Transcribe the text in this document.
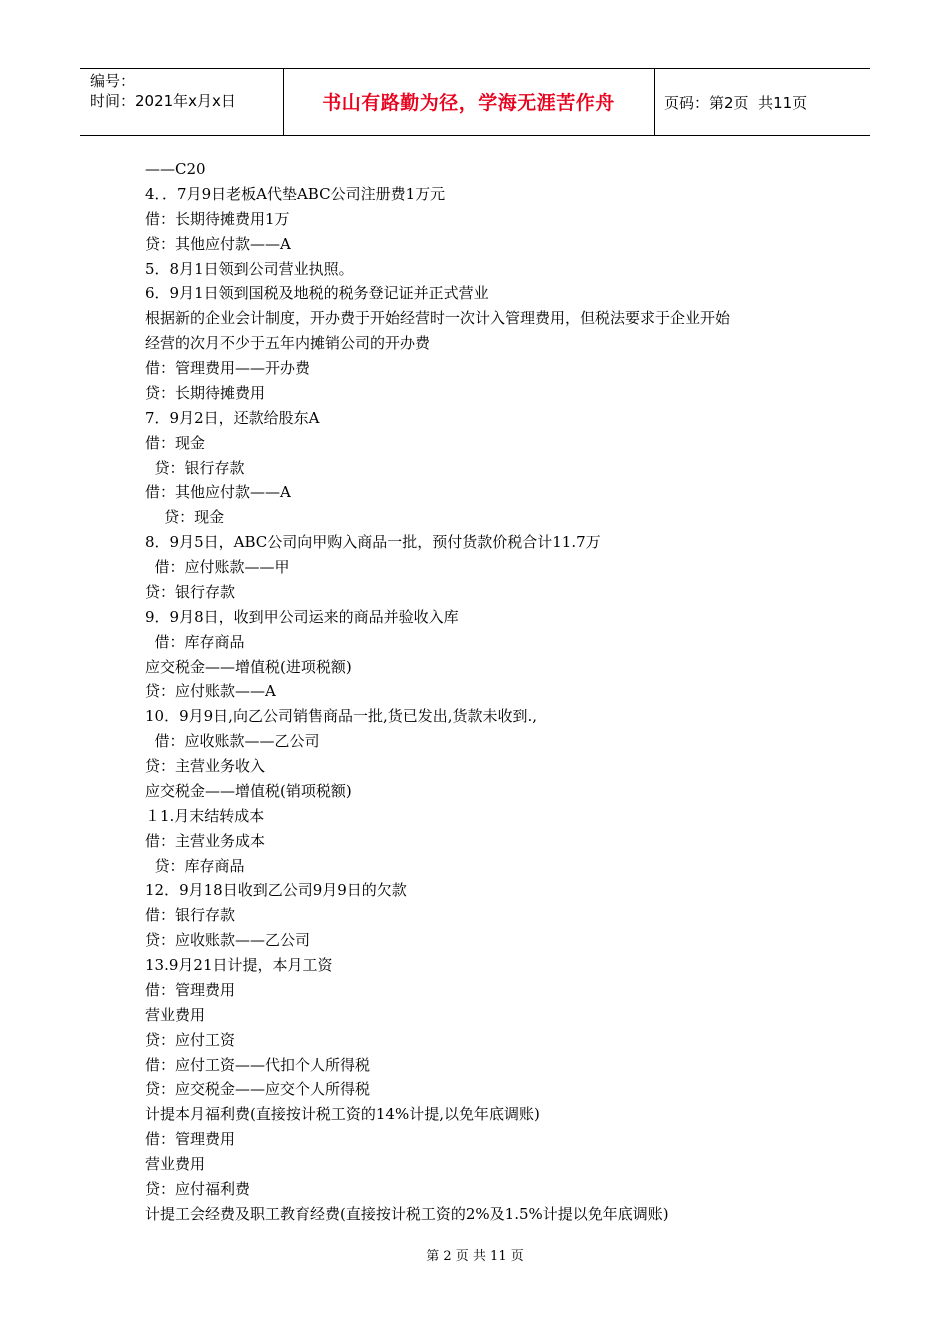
编号：
时间：2021年x月x日	书山有路勤为径，学海无涯苦作舟	页码：第2页  共11页
——C20
4．．7月9日老板A代垫ABC公司注册费1万元
借：长期待摊费用1万
贷：其他应付款——A
5．8月1日领到公司营业执照。
6．9月1日领到国税及地税的税务登记证并正式营业
根据新的企业会计制度，开办费于开始经营时一次计入管理费用，但税法要求于企业开始
经营的次月不少于五年内摊销公司的开办费
借：管理费用——开办费
贷：长期待摊费用
7．9月2日，还款给股东A
借：现金
贷：银行存款
借：其他应付款——A
贷：现金
8．9月5日，ABC公司向甲购入商品一批，预付货款价税合计11.7万
借：应付账款——甲
贷：银行存款
9．9月8日，收到甲公司运来的商品并验收入库
借：库存商品
应交税金——增值税(进项税额)
贷：应付账款——A
10．9月9日,向乙公司销售商品一批,货已发出,货款未收到.,
借：应收账款——乙公司
贷：主营业务收入
应交税金——增值税(销项税额)
１1.月末结转成本
借：主营业务成本
贷：库存商品
12．9月18日收到乙公司9月9日的欠款
借：银行存款
贷：应收账款——乙公司
13.9月21日计提，本月工资
借：管理费用
营业费用
贷：应付工资
借：应付工资——代扣个人所得税
贷：应交税金——应交个人所得税
计提本月福利费(直接按计税工资的14%计提,以免年底调账)
借：管理费用
营业费用
贷：应付福利费
计提工会经费及职工教育经费(直接按计税工资的2%及1.5%计提以免年底调账)
第 2 页 共 11 页
